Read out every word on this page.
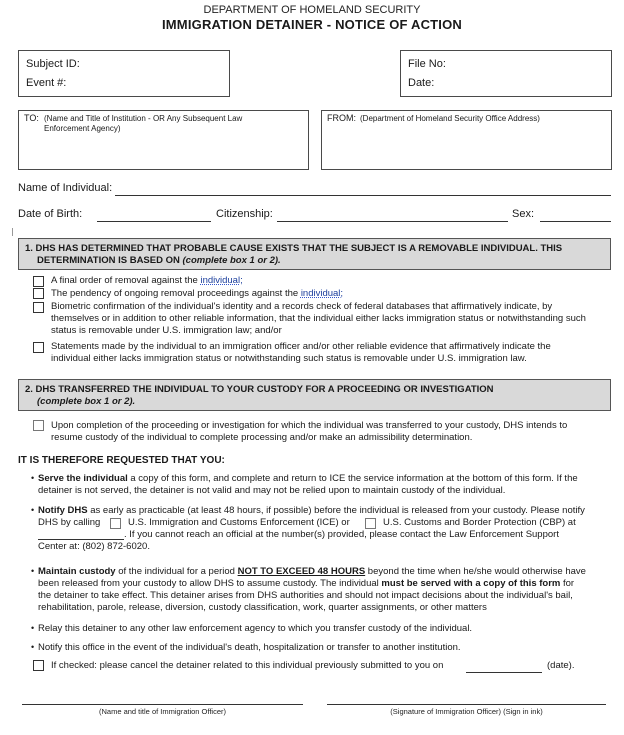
DEPARTMENT OF HOMELAND SECURITY
IMMIGRATION DETAINER - NOTICE OF ACTION
Subject ID:
Event #:
File No:
Date:
TO: (Name and Title of Institution - OR Any Subsequent Law
Enforcement Agency)
FROM: (Department of Homeland Security Office Address)
Name of Individual:
Date of Birth:	Citizenship:	Sex:
1. DHS HAS DETERMINED THAT PROBABLE CAUSE EXISTS THAT THE SUBJECT IS A REMOVABLE INDIVIDUAL. THIS
DETERMINATION IS BASED ON (complete box 1 or 2).
A final order of removal against the individual;
The pendency of ongoing removal proceedings against the individual;
Biometric confirmation of the individual's identity and a records check of federal databases that affirmatively indicate, by
themselves or in addition to other reliable information, that the individual either lacks immigration status or notwithstanding such
status is removable under U.S. immigration law; and/or
Statements made by the individual to an immigration officer and/or other reliable evidence that affirmatively indicate the
individual either lacks immigration status or notwithstanding such status is removable under U.S. immigration law.
2. DHS TRANSFERRED THE INDIVIDUAL TO YOUR CUSTODY FOR A PROCEEDING OR INVESTIGATION
(complete box 1 or 2).
Upon completion of the proceeding or investigation for which the individual was transferred to your custody, DHS intends to
resume custody of the individual to complete processing and/or make an admissibility determination.
IT IS THEREFORE REQUESTED THAT YOU:
• Serve the individual a copy of this form, and complete and return to ICE the service information at the bottom of this form. If the
detainer is not served, the detainer is not valid and may not be relied upon to maintain custody of the individual.
• Notify DHS as early as practicable (at least 48 hours, if possible) before the individual is released from your custody. Please notify
DHS by calling	U.S. Immigration and Customs Enforcement (ICE) or	U.S. Customs and Border Protection (CBP) at
. If you cannot reach an official at the number(s) provided, please contact the Law Enforcement Support
Center at: (802) 872-6020.
• Maintain custody of the individual for a period NOT TO EXCEED 48 HOURS beyond the time when he/she would otherwise have
been released from your custody to allow DHS to assume custody. The individual must be served with a copy of this form for
the detainer to take effect. This detainer arises from DHS authorities and should not impact decisions about the individual's bail,
rehabilitation, parole, release, diversion, custody classification, work, quarter assignments, or other matters
• Relay this detainer to any other law enforcement agency to which you transfer custody of the individual.
• Notify this office in the event of the individual's death, hospitalization or transfer to another institution.
If checked: please cancel the detainer related to this individual previously submitted to you on	(date).
(Name and title of Immigration Officer)	(Signature of Immigration Officer) (Sign in ink)
